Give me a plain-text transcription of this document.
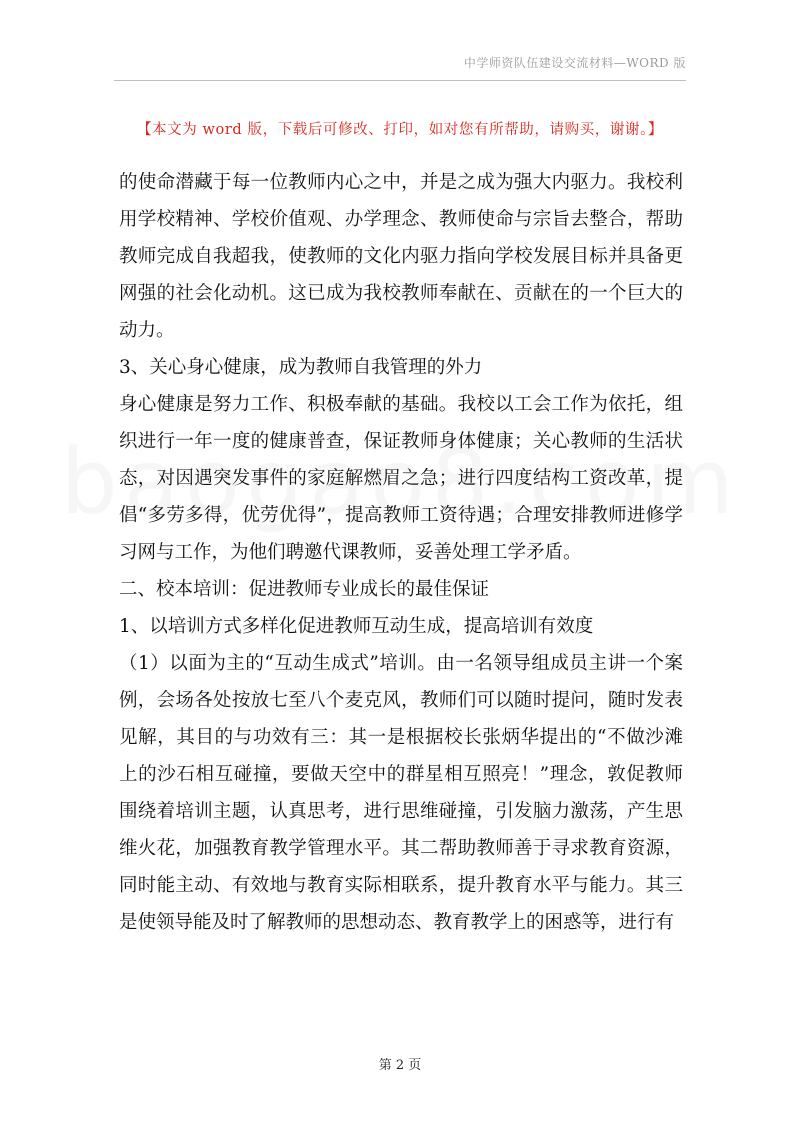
中学师资队伍建设交流材料—WORD 版
【本文为 word 版，下载后可修改、打印，如对您有所帮助，请购买，谢谢。】

的使命潜藏于每一位教师内心之中，并是之成为强大内驱力。我校利用学校精神、学校价值观、办学理念、教师使命与宗旨去整合，帮助教师完成自我超我，使教师的文化内驱力指向学校发展目标并具备更网强的社会化动机。这已成为我校教师奉献在、贡献在的一个巨大的动力。

3、关心身心健康，成为教师自我管理的外力

身心健康是努力工作、积极奉献的基础。我校以工会工作为依托，组织进行一年一度的健康普查，保证教师身体健康；关心教师的生活状态，对因遇突发事件的家庭解燃眉之急；进行四度结构工资改革，提倡“多劳多得，优劳优得”，提高教师工资待遇；合理安排教师进修学习网与工作，为他们聘邀代课教师，妥善处理工学矛盾。

二、校本培训：促进教师专业成长的最佳保证

1、以培训方式多样化促进教师互动生成，提高培训有效度

（1）以面为主的“互动生成式”培训。由一名领导组成员主讲一个案例，会场各处按放七至八个麦克风，教师们可以随时提问，随时发表见解，其目的与功效有三：其一是根据校长张炳华提出的“不做沙滩上的沙石相互碰撞，要做天空中的群星相互照亮！”理念，敦促教师围绕着培训主题，认真思考，进行思维碰撞，引发脑力激荡，产生思维火花，加强教育教学管理水平。其二帮助教师善于寻求教育资源，同时能主动、有效地与教育实际相联系，提升教育水平与能力。其三是使领导能及时了解教师的思想动态、教育教学上的困惑等，进行有

第 2 页
